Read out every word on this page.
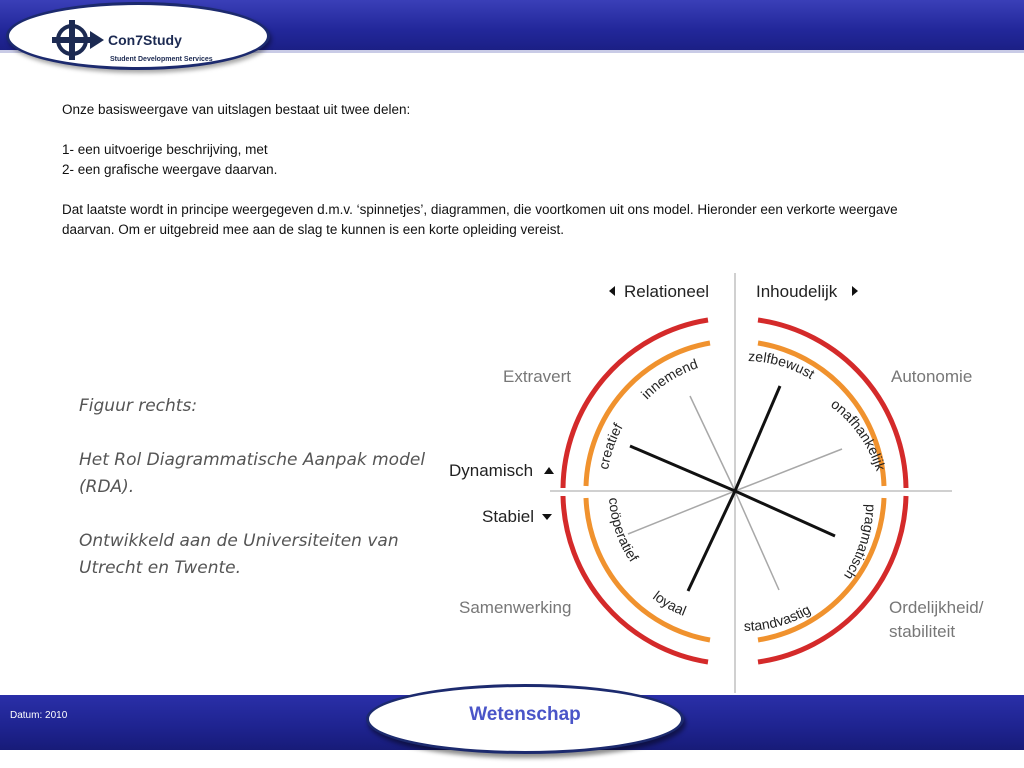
Con7Study
Student Development Services

Onze basisweergave van uitslagen bestaat uit twee delen:

1- een uitvoerige beschrijving, met

2- een grafische weergave daarvan.

Dat laatste wordt in principe weergegeven d.m.v. ‘spinnetjes’, diagrammen, die voortkomen uit ons model. Hieronder een verkorte weergave daarvan. Om er uitgebreid mee aan de slag te kunnen is een korte opleiding vereist.

Figuur rechts:

Het Rol Diagrammatische Aanpak model (RDA).

Ontwikkeld aan de Universiteiten van Utrecht en Twente.

innemend	zelfbewust
onafhankelijk
pragmatisch
standvastig
loyaal
coöperatief
creatief
Relationeel	Inhoudelijk
Dynamisch
Stabiel
Extravert	Autonomie
Samenwerking	Ordelijkheid/
stabiliteit
Datum: 2010	Wetenschap
